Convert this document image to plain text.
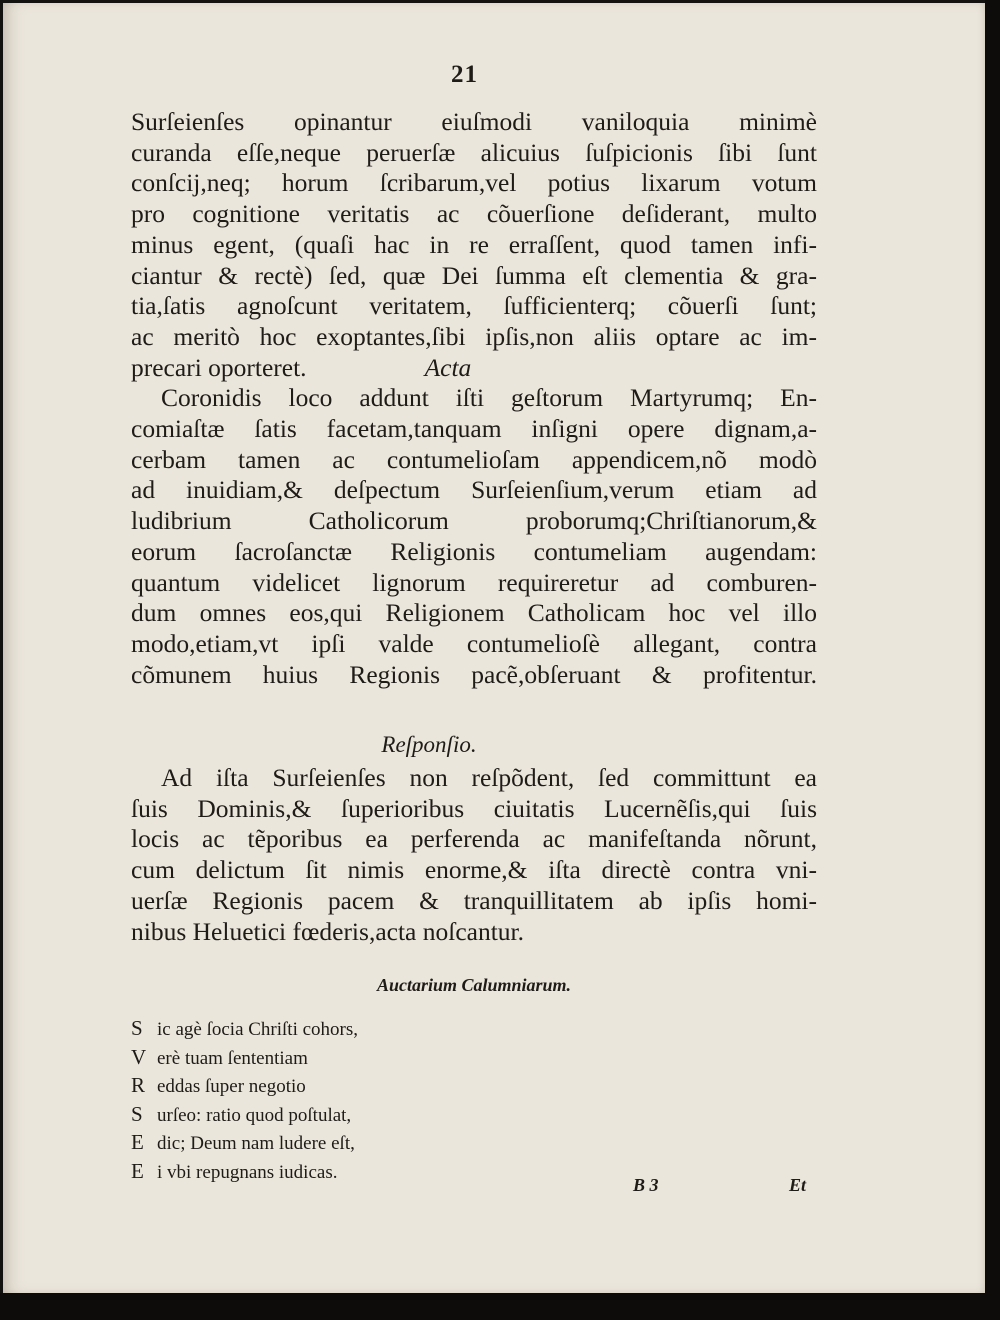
21
Surſeienſes opinantur eiuſmodi vaniloquia minimè
curanda eſſe,neque peruerſæ alicuius ſuſpicionis ſibi ſunt
conſcij,neq; horum ſcribarum,vel potius lixarum votum
pro cognitione veritatis ac cõuerſione deſiderant, multo
minus egent, (quaſi hac in re erraſſent, quod tamen infi-
ciantur & rectè) ſed, quæ Dei ſumma eſt clementia & gra-
tia,ſatis agnoſcunt veritatem, ſufficienterq; cõuerſi ſunt;
ac meritò hoc exoptantes,ſibi ipſis,non aliis optare ac im-
precari oporteret.	Acta
Coronidis loco addunt iſti geſtorum Martyrumq; En-
comiaſtæ ſatis facetam,tanquam inſigni opere dignam,a-
cerbam tamen ac contumelioſam appendicem,nõ modò
ad inuidiam,& deſpectum Surſeienſium,verum etiam ad
ludibrium Catholicorum proborumq;Chriſtianorum,&
eorum ſacroſanctæ Religionis contumeliam augendam:
quantum videlicet lignorum requireretur ad comburen-
dum omnes eos,qui Religionem Catholicam hoc vel illo
modo,etiam,vt ipſi valde contumelioſè allegant, contra
cõmunem huius Regionis pacẽ,obſeruant & profitentur.
Reſponſio.
Ad iſta Surſeienſes non reſpõdent, ſed committunt ea
ſuis Dominis,& ſuperioribus ciuitatis Lucernẽſis,qui ſuis
locis ac tẽporibus ea perferenda ac manifeſtanda nõrunt,
cum delictum ſit nimis enorme,& iſta directè contra vni-
uerſæ Regionis pacem & tranquillitatem ab ipſis homi-
nibus Heluetici fœderis,acta noſcantur.
Auctarium Calumniarum.
S ic agè ſocia Chriſti cohors,
V erè tuam ſententiam
R eddas ſuper negotio
S urſeo: ratio quod poſtulat,
E dic; Deum nam ludere eſt,
E i vbi repugnans iudicas.
B 3	Et
